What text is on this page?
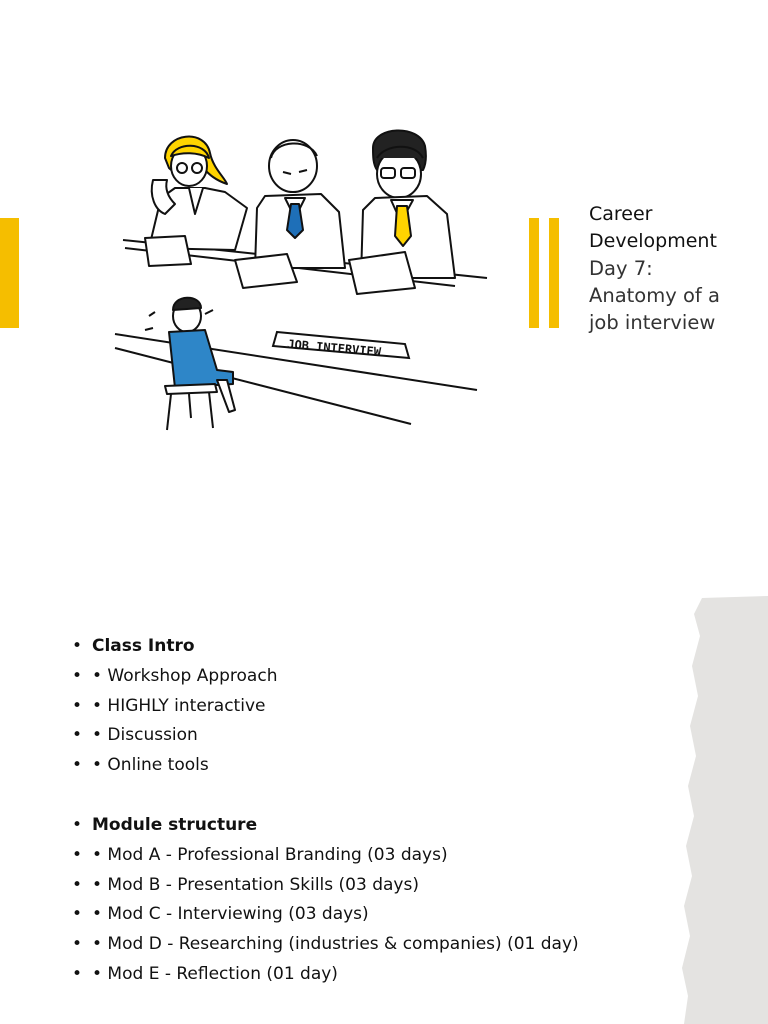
JOB INTERVIEW
Career
Development
Day 7:
Anatomy of a
job interview
• Class Intro
• • Workshop Approach
• • HIGHLY interactive
• • Discussion
• • Online tools
• Module structure
• • Mod A - Professional Branding (03 days)
• • Mod B - Presentation Skills (03 days)
• • Mod C - Interviewing (03 days)
• • Mod D - Researching (industries & companies) (01 day)
• • Mod E - Reflection (01 day)
